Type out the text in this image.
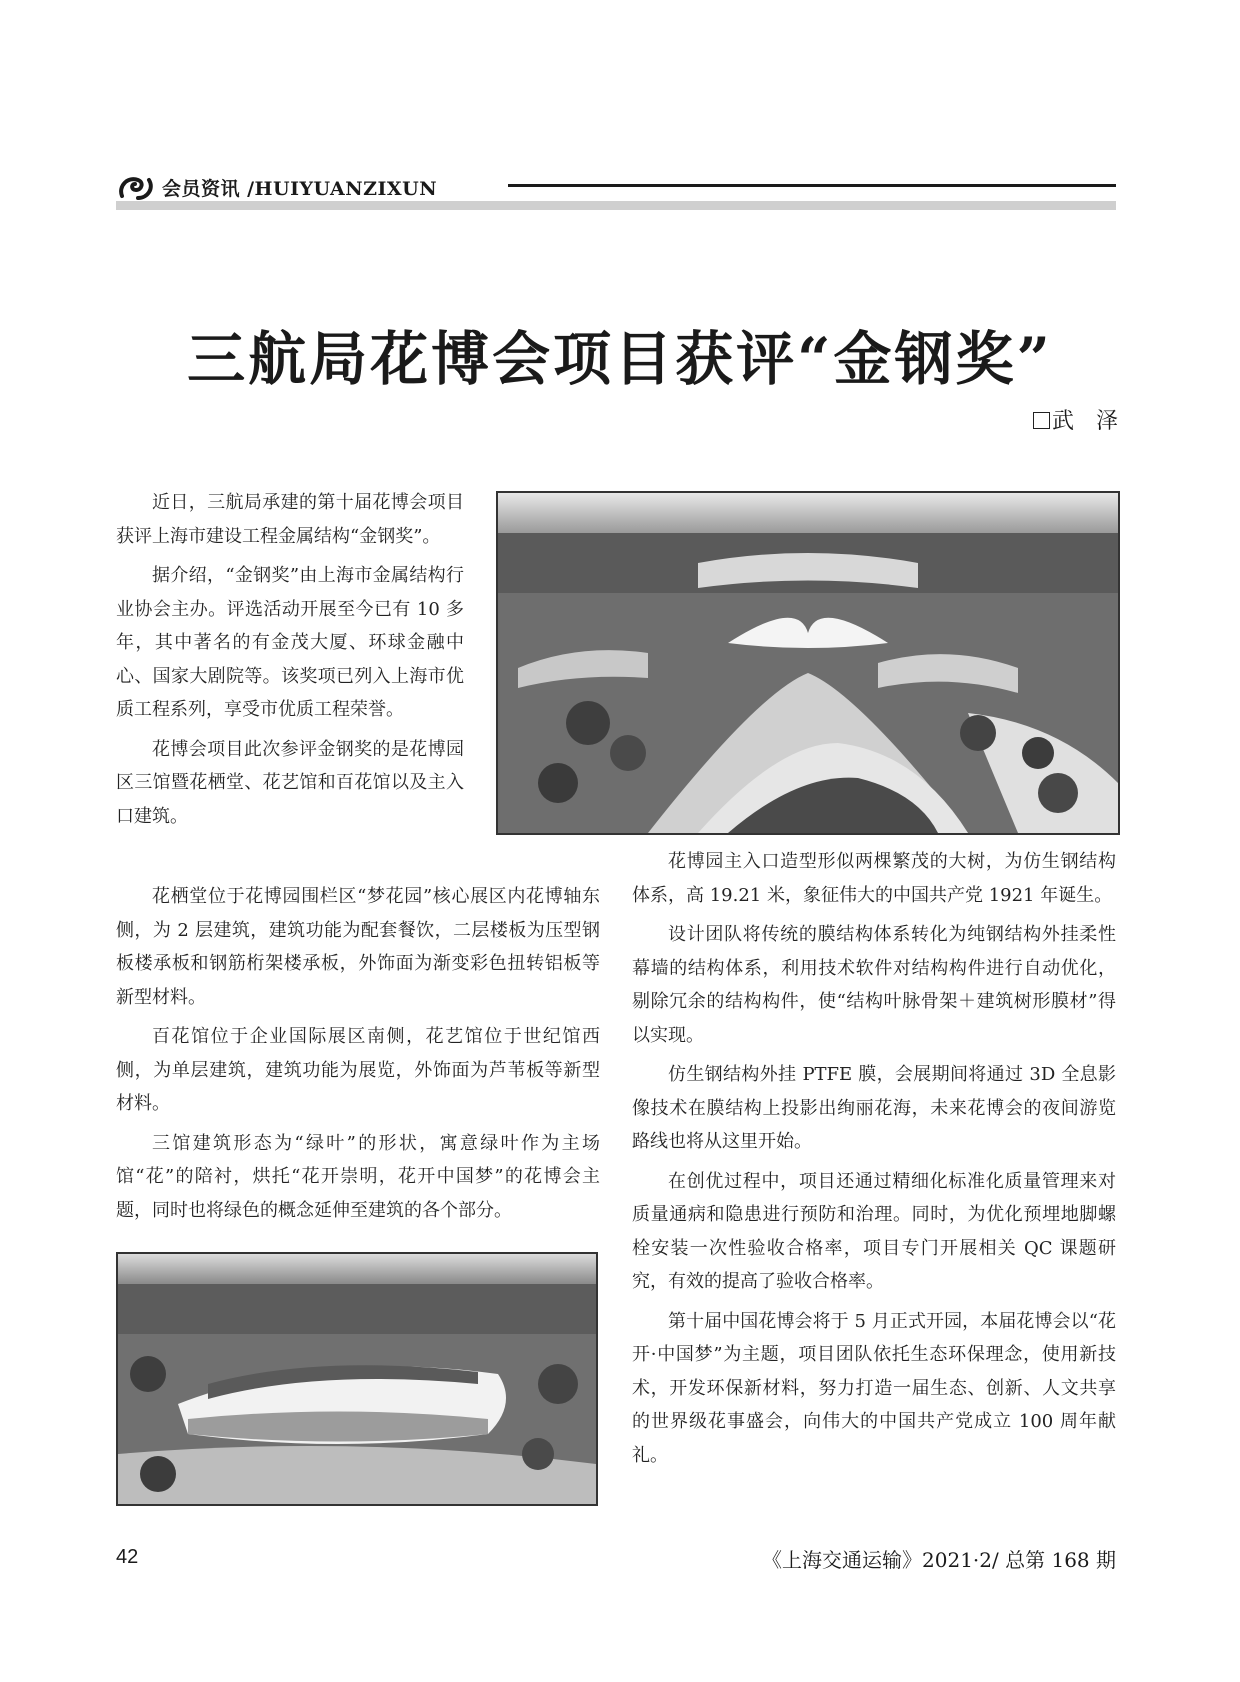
会员资讯 /HUIYUANZIXUN
三航局花博会项目获评“金钢奖”
武　泽

近日，三航局承建的第十届花博会项目获评上海市建设工程金属结构“金钢奖”。

据介绍，“金钢奖”由上海市金属结构行业协会主办。评选活动开展至今已有 10 多年，其中著名的有金茂大厦、环球金融中心、国家大剧院等。该奖项已列入上海市优质工程系列，享受市优质工程荣誉。

花博会项目此次参评金钢奖的是花博园区三馆暨花栖堂、花艺馆和百花馆以及主入口建筑。

花栖堂位于花博园围栏区“梦花园”核心展区内花博轴东侧，为 2 层建筑，建筑功能为配套餐饮，二层楼板为压型钢板楼承板和钢筋桁架楼承板，外饰面为渐变彩色扭转铝板等新型材料。

百花馆位于企业国际展区南侧，花艺馆位于世纪馆西侧，为单层建筑，建筑功能为展览，外饰面为芦苇板等新型材料。

三馆建筑形态为“绿叶”的形状，寓意绿叶作为主场馆“花”的陪衬，烘托“花开崇明，花开中国梦”的花博会主题，同时也将绿色的概念延伸至建筑的各个部分。

花博园主入口造型形似两棵繁茂的大树，为仿生钢结构体系，高 19.21 米，象征伟大的中国共产党 1921 年诞生。

设计团队将传统的膜结构体系转化为纯钢结构外挂柔性幕墙的结构体系，利用技术软件对结构构件进行自动优化，剔除冗余的结构构件，使“结构叶脉骨架＋建筑树形膜材”得以实现。

仿生钢结构外挂 PTFE 膜，会展期间将通过 3D 全息影像技术在膜结构上投影出绚丽花海，未来花博会的夜间游览路线也将从这里开始。

在创优过程中，项目还通过精细化标准化质量管理来对质量通病和隐患进行预防和治理。同时，为优化预埋地脚螺栓安装一次性验收合格率，项目专门开展相关 QC 课题研究，有效的提高了验收合格率。

第十届中国花博会将于 5 月正式开园，本届花博会以“花开·中国梦”为主题，项目团队依托生态环保理念，使用新技术，开发环保新材料，努力打造一届生态、创新、人文共享的世界级花事盛会，向伟大的中国共产党成立 100 周年献礼。

42	《上海交通运输》2021·2/ 总第 168 期
